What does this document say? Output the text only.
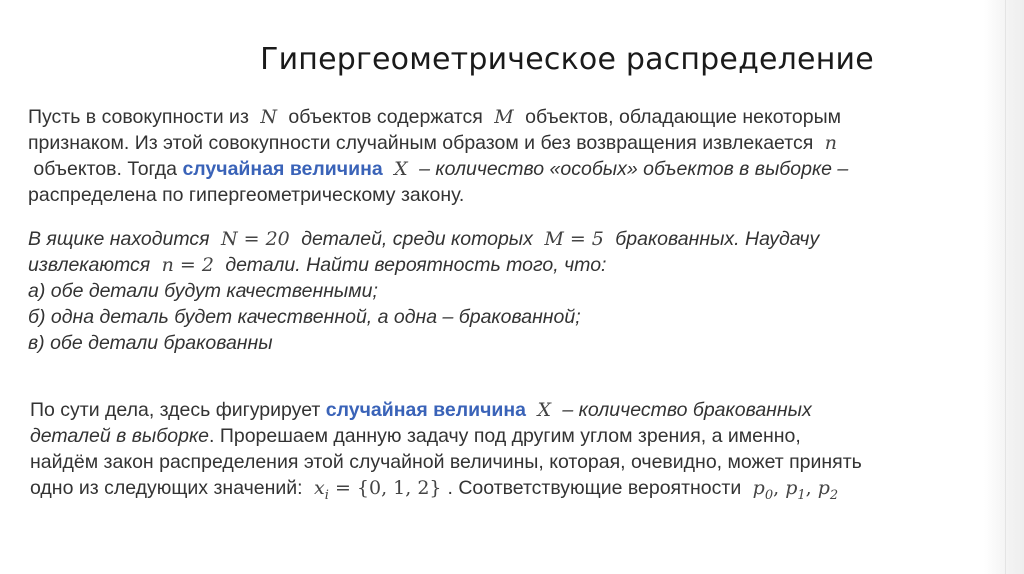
Гипергеометрическое распределение
Пусть в совокупности из N объектов содержатся M объектов, обладающие некоторым
признаком. Из этой совокупности случайным образом и без возвращения извлекается n
объектов. Тогда случайная величина X – количество «особых» объектов в выборке –
распределена по гипергеометрическому закону.
В ящике находится N = 20 деталей, среди которых M = 5 бракованных. Наудачу
извлекаются n = 2 детали. Найти вероятность того, что:
а) обе детали будут качественными;
б) одна деталь будет качественной, а одна – бракованной;
в) обе детали бракованны
По сути дела, здесь фигурирует случайная величина X – количество бракованных
деталей в выборке. Прорешаем данную задачу под другим углом зрения, а именно,
найдём закон распределения этой случайной величины, которая, очевидно, может принять
одно из следующих значений: $x_i = \{0$, 1, 2} . Соответствующие вероятности $p_0$, $p_1$, $p_2$
